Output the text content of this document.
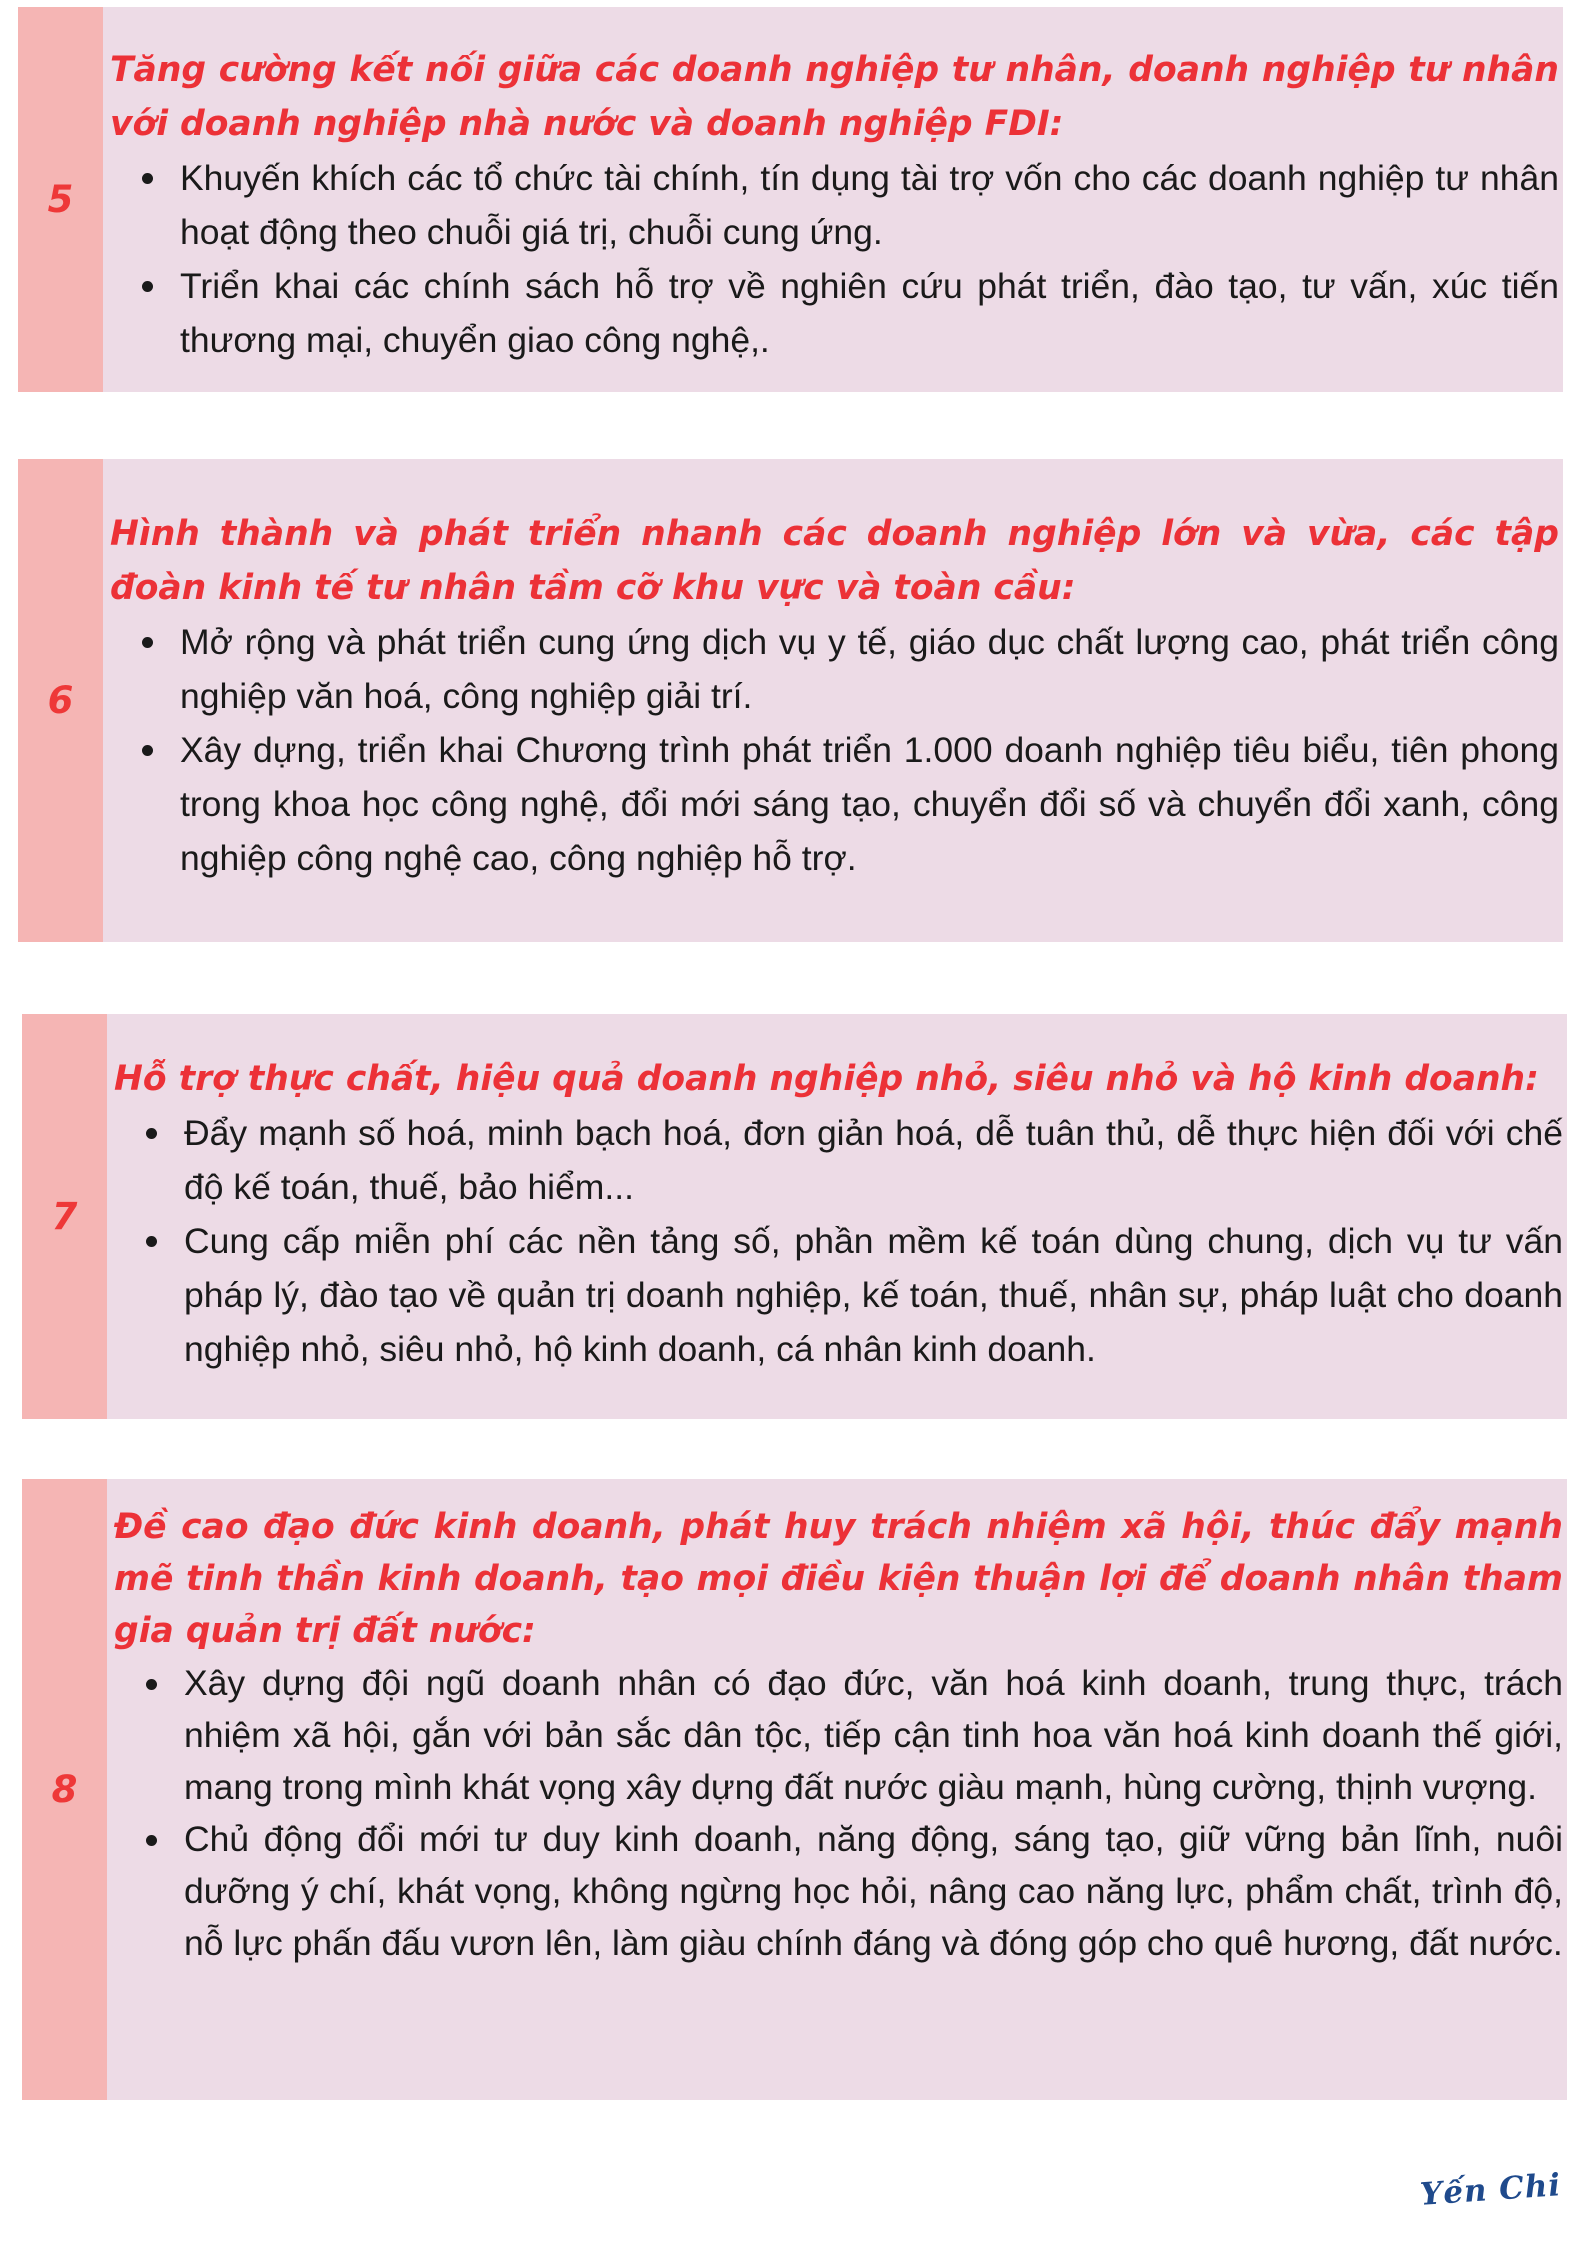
5

Tăng cường kết nối giữa các doanh nghiệp tư nhân, doanh nghiệp tư nhân với doanh nghiệp nhà nước và doanh nghiệp FDI:

Khuyến khích các tổ chức tài chính, tín dụng tài trợ vốn cho các doanh nghiệp tư nhân hoạt động theo chuỗi giá trị, chuỗi cung ứng.
Triển khai các chính sách hỗ trợ về nghiên cứu phát triển, đào tạo, tư vấn, xúc tiến thương mại, chuyển giao công nghệ,.
6

Hình thành và phát triển nhanh các doanh nghiệp lớn và vừa, các tập đoàn kinh tế tư nhân tầm cỡ khu vực và toàn cầu:

Mở rộng và phát triển cung ứng dịch vụ y tế, giáo dục chất lượng cao, phát triển công nghiệp văn hoá, công nghiệp giải trí.
Xây dựng, triển khai Chương trình phát triển 1.000 doanh nghiệp tiêu biểu, tiên phong trong khoa học công nghệ, đổi mới sáng tạo, chuyển đổi số và chuyển đổi xanh, công nghiệp công nghệ cao, công nghiệp hỗ trợ.
7

Hỗ trợ thực chất, hiệu quả doanh nghiệp nhỏ, siêu nhỏ và hộ kinh doanh:

Đẩy mạnh số hoá, minh bạch hoá, đơn giản hoá, dễ tuân thủ, dễ thực hiện đối với chế độ kế toán, thuế, bảo hiểm...
Cung cấp miễn phí các nền tảng số, phần mềm kế toán dùng chung, dịch vụ tư vấn pháp lý, đào tạo về quản trị doanh nghiệp, kế toán, thuế, nhân sự, pháp luật cho doanh nghiệp nhỏ, siêu nhỏ, hộ kinh doanh, cá nhân kinh doanh.
8

Đề cao đạo đức kinh doanh, phát huy trách nhiệm xã hội, thúc đẩy mạnh mẽ tinh thần kinh doanh, tạo mọi điều kiện thuận lợi để doanh nhân tham gia quản trị đất nước:

Xây dựng đội ngũ doanh nhân có đạo đức, văn hoá kinh doanh, trung thực, trách nhiệm xã hội, gắn với bản sắc dân tộc, tiếp cận tinh hoa văn hoá kinh doanh thế giới, mang trong mình khát vọng xây dựng đất nước giàu mạnh, hùng cường, thịnh vượng.
Chủ động đổi mới tư duy kinh doanh, năng động, sáng tạo, giữ vững bản lĩnh, nuôi dưỡng ý chí, khát vọng, không ngừng học hỏi, nâng cao năng lực, phẩm chất, trình độ, nỗ lực phấn đấu vươn lên, làm giàu chính đáng và đóng góp cho quê hương, đất nước.
Yến Chi
